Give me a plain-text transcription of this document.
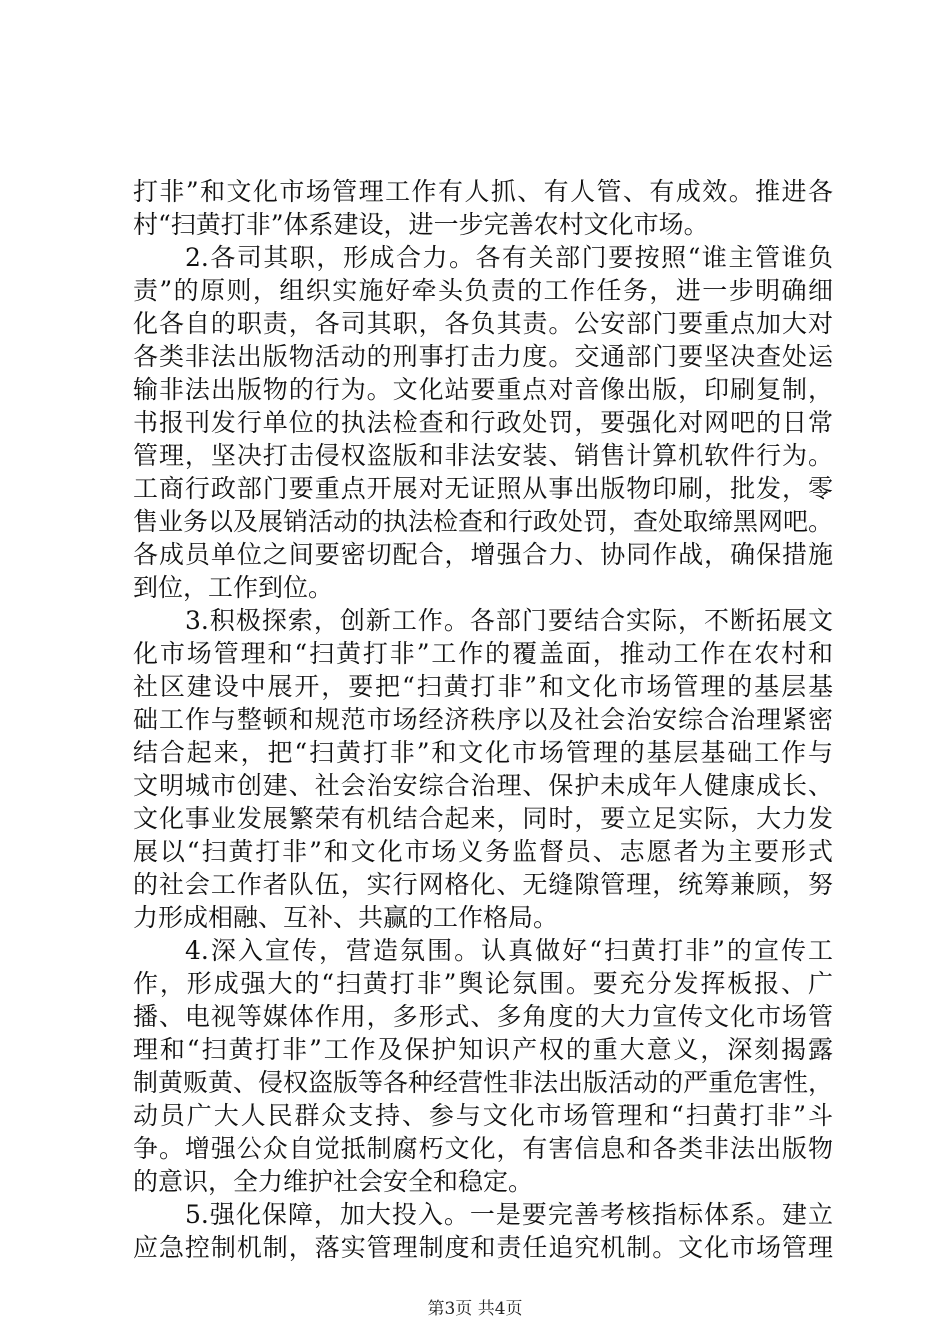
打非”和文化市场管理工作有人抓、有人管、有成效。推进各
村“扫黄打非”体系建设，进一步完善农村文化市场。
2.各司其职，形成合力。各有关部门要按照“谁主管谁负
责”的原则，组织实施好牵头负责的工作任务，进一步明确细
化各自的职责，各司其职，各负其责。公安部门要重点加大对
各类非法出版物活动的刑事打击力度。交通部门要坚决查处运
输非法出版物的行为。文化站要重点对音像出版，印刷复制，
书报刊发行单位的执法检查和行政处罚，要强化对网吧的日常
管理，坚决打击侵权盗版和非法安装、销售计算机软件行为。
工商行政部门要重点开展对无证照从事出版物印刷，批发，零
售业务以及展销活动的执法检查和行政处罚，查处取缔黑网吧。
各成员单位之间要密切配合，增强合力、协同作战，确保措施
到位，工作到位。
3.积极探索，创新工作。各部门要结合实际，不断拓展文
化市场管理和“扫黄打非”工作的覆盖面，推动工作在农村和
社区建设中展开，要把“扫黄打非”和文化市场管理的基层基
础工作与整顿和规范市场经济秩序以及社会治安综合治理紧密
结合起来，把“扫黄打非”和文化市场管理的基层基础工作与
文明城市创建、社会治安综合治理、保护未成年人健康成长、
文化事业发展繁荣有机结合起来，同时，要立足实际，大力发
展以“扫黄打非”和文化市场义务监督员、志愿者为主要形式
的社会工作者队伍，实行网格化、无缝隙管理，统筹兼顾，努
力形成相融、互补、共赢的工作格局。
4.深入宣传，营造氛围。认真做好“扫黄打非”的宣传工
作，形成强大的“扫黄打非”舆论氛围。要充分发挥板报、广
播、电视等媒体作用，多形式、多角度的大力宣传文化市场管
理和“扫黄打非”工作及保护知识产权的重大意义，深刻揭露
制黄贩黄、侵权盗版等各种经营性非法出版活动的严重危害性，
动员广大人民群众支持、参与文化市场管理和“扫黄打非”斗
争。增强公众自觉抵制腐朽文化，有害信息和各类非法出版物
的意识，全力维护社会安全和稳定。
5.强化保障，加大投入。一是要完善考核指标体系。建立
应急控制机制，落实管理制度和责任追究机制。文化市场管理
第3页 共4页
